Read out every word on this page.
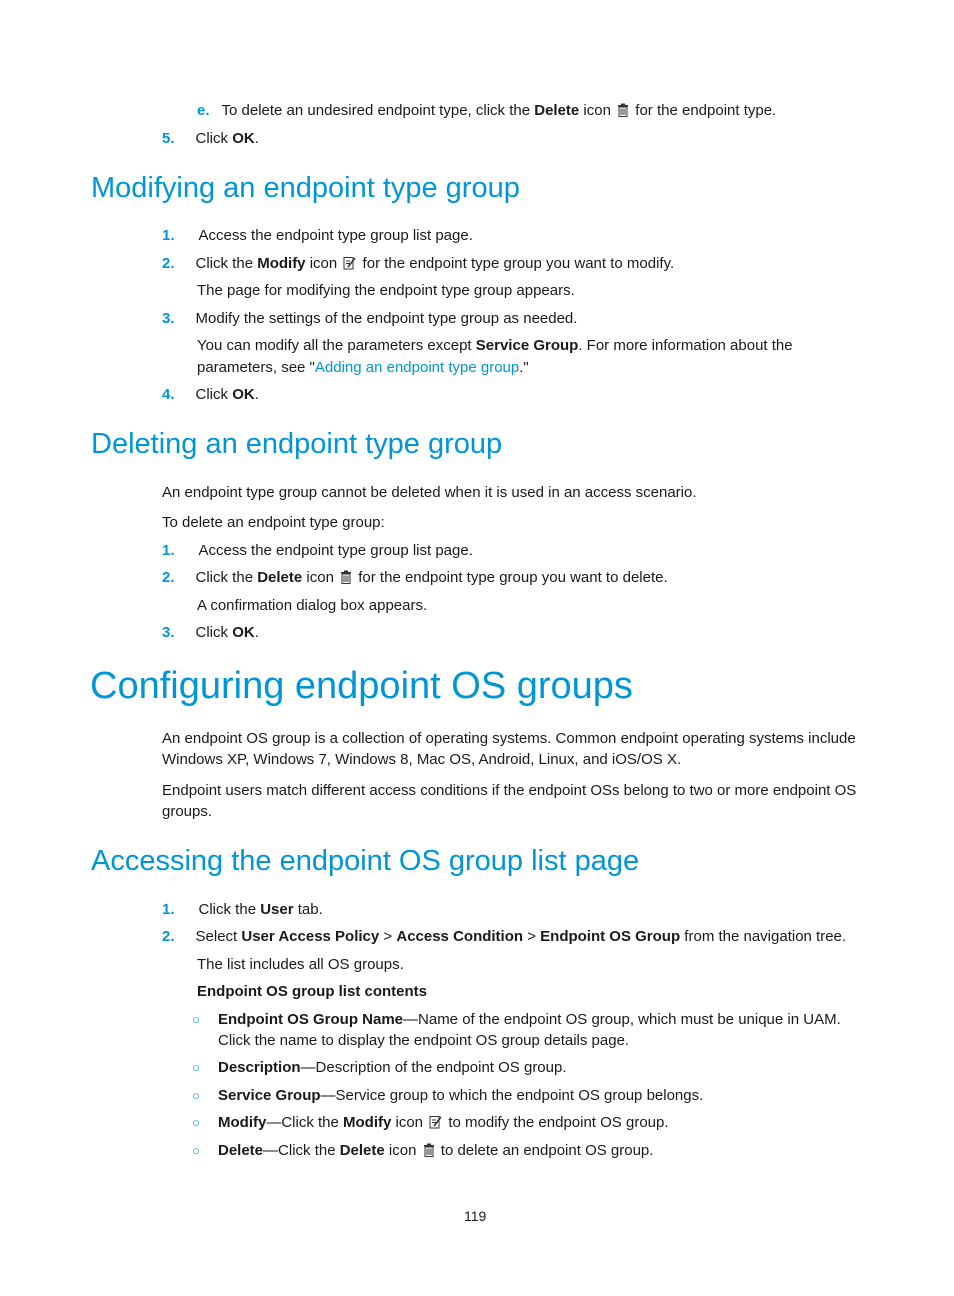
e. To delete an undesired endpoint type, click the Delete icon  for the endpoint type.
5. Click OK.
Modifying an endpoint type group
1. Access the endpoint type group list page.
2. Click the Modify icon  for the endpoint type group you want to modify.
The page for modifying the endpoint type group appears.
3. Modify the settings of the endpoint type group as needed.
You can modify all the parameters except Service Group. For more information about the
parameters, see "Adding an endpoint type group."
4. Click OK.
Deleting an endpoint type group
An endpoint type group cannot be deleted when it is used in an access scenario.
To delete an endpoint type group:
1. Access the endpoint type group list page.
2. Click the Delete icon  for the endpoint type group you want to delete.
A confirmation dialog box appears.
3. Click OK.
Configuring endpoint OS groups
An endpoint OS group is a collection of operating systems. Common endpoint operating systems include
Windows XP, Windows 7, Windows 8, Mac OS, Android, Linux, and iOS/OS X.
Endpoint users match different access conditions if the endpoint OSs belong to two or more endpoint OS
groups.
Accessing the endpoint OS group list page
1. Click the User tab.
2. Select User Access Policy > Access Condition > Endpoint OS Group from the navigation tree.
The list includes all OS groups.
Endpoint OS group list contents
○ Endpoint OS Group Name—Name of the endpoint OS group, which must be unique in UAM.
Click the name to display the endpoint OS group details page.
○ Description—Description of the endpoint OS group.
○ Service Group—Service group to which the endpoint OS group belongs.
○ Modify—Click the Modify icon  to modify the endpoint OS group.
○ Delete—Click the Delete icon  to delete an endpoint OS group.
119
